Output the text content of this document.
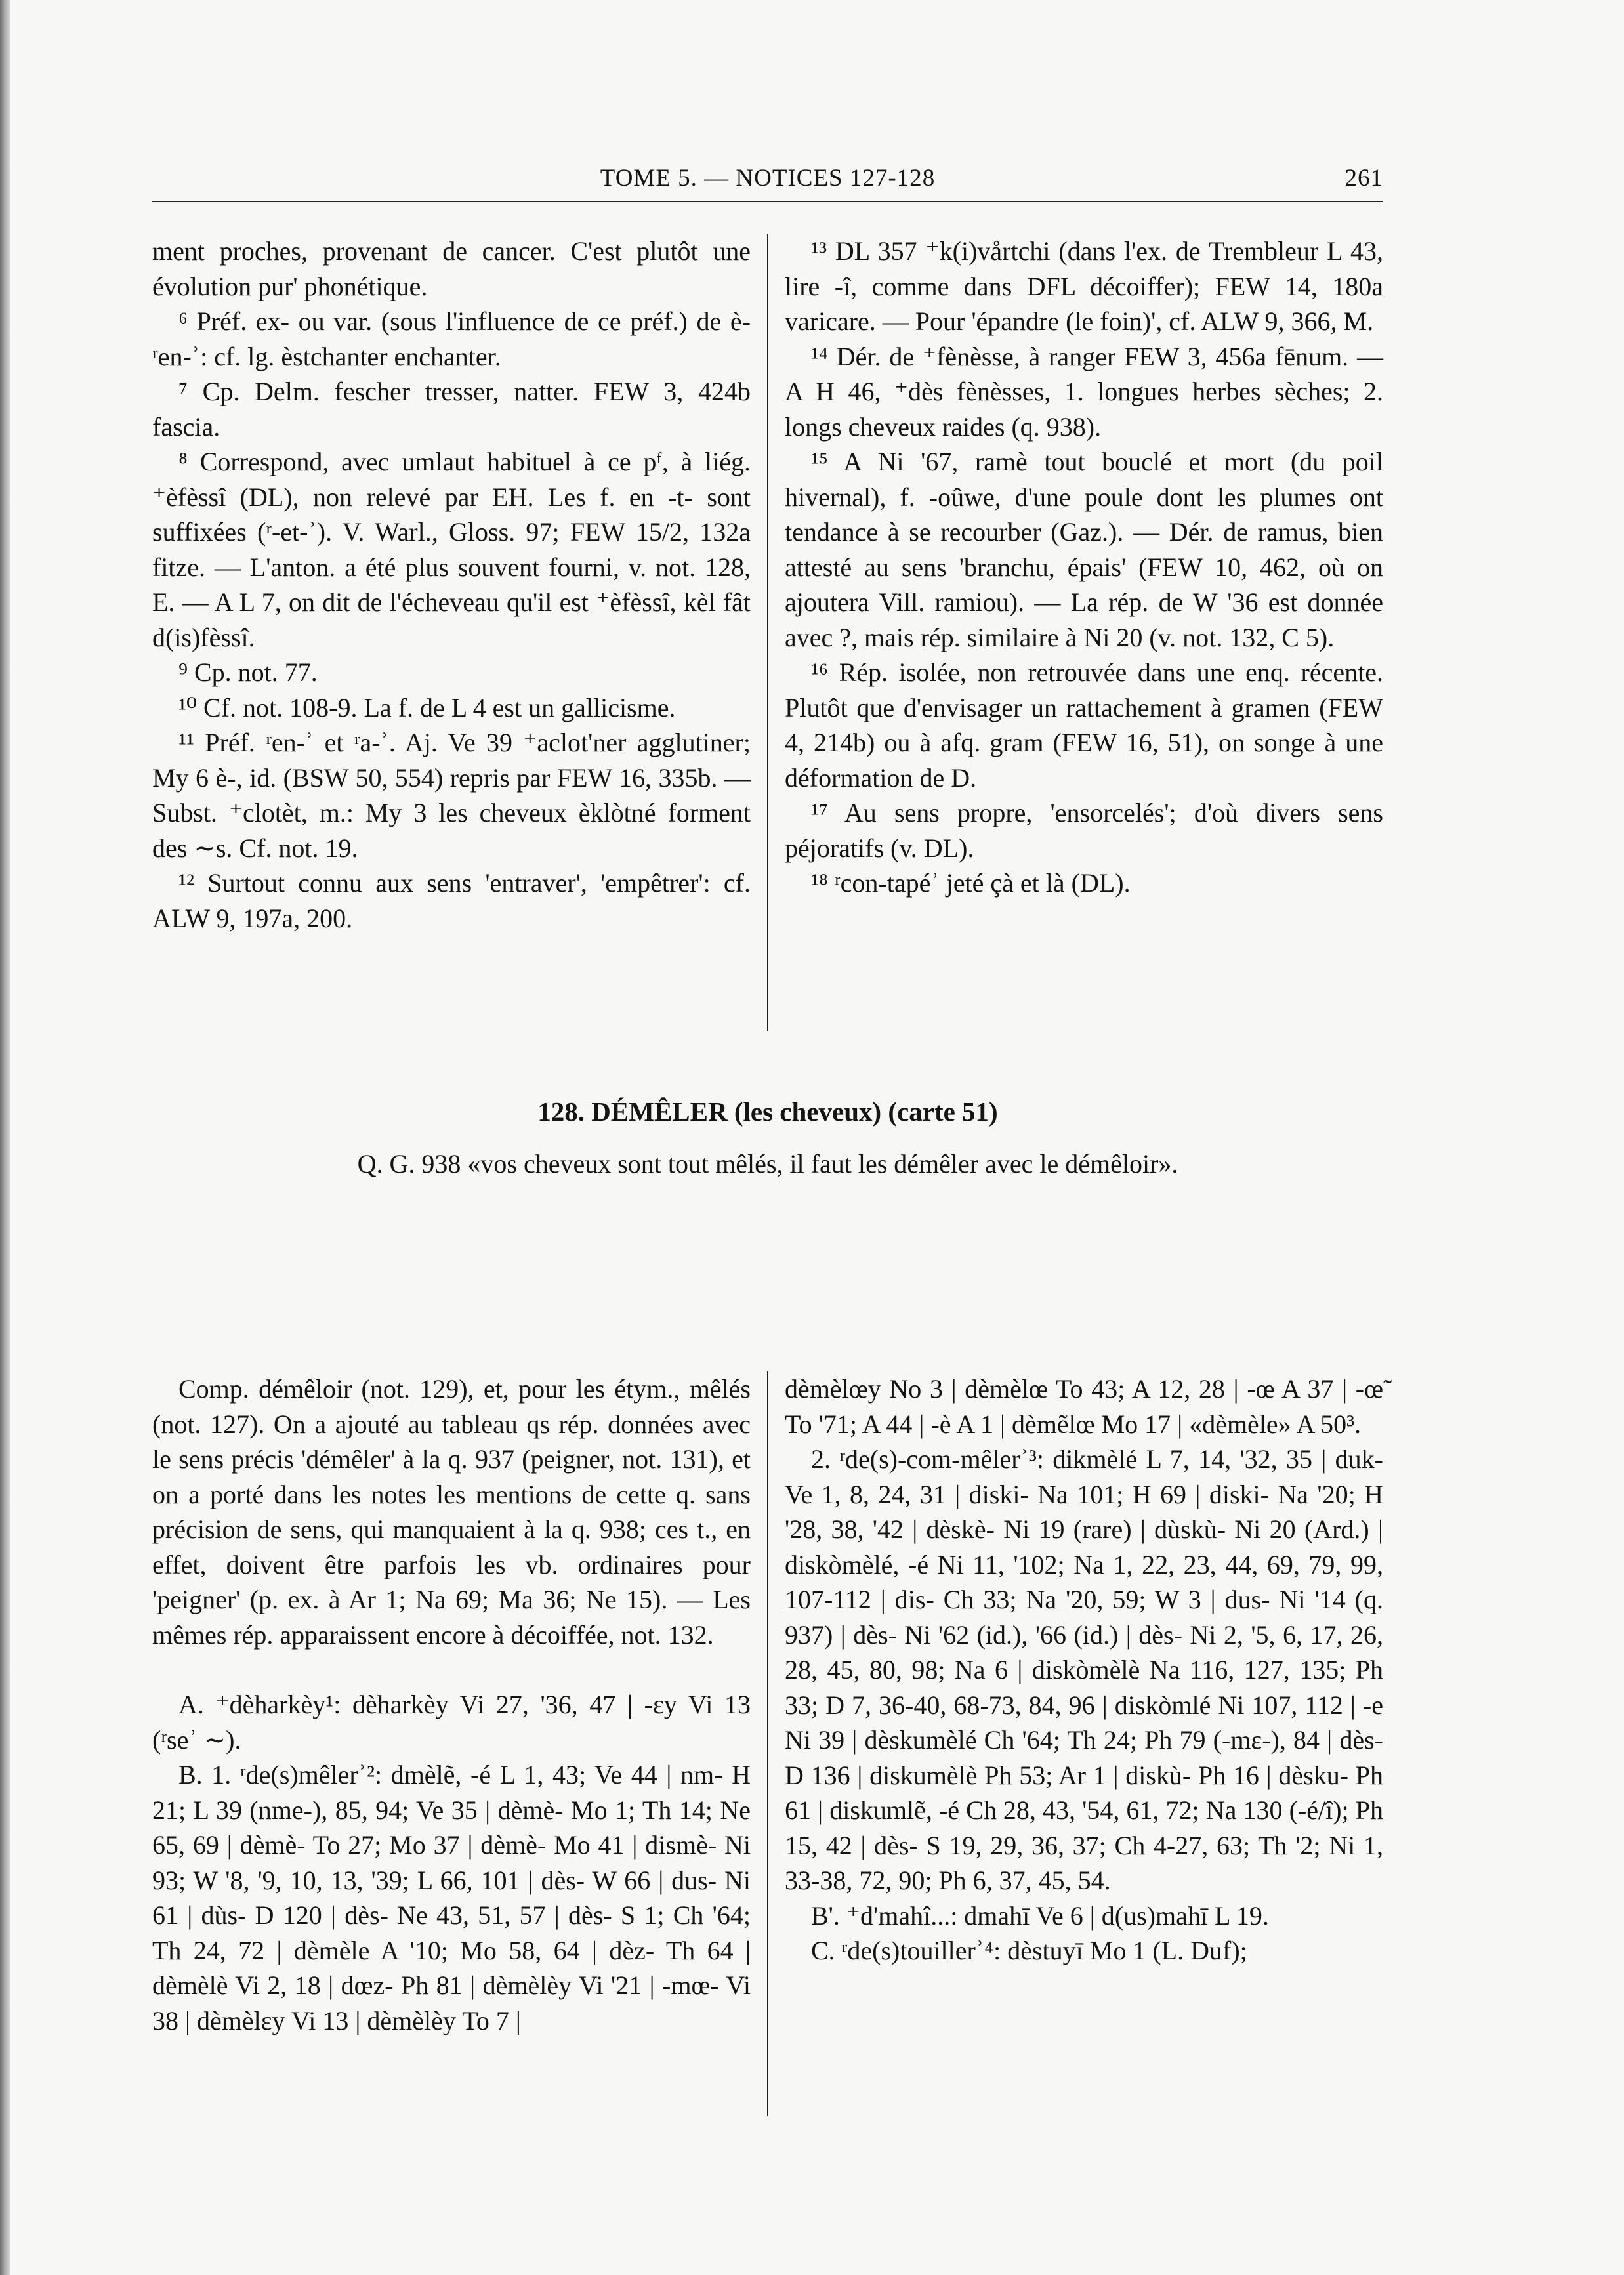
TOME 5. — NOTICES 127-128	261

ment proches, provenant de cancer. C'est plutôt une évolution pur' phonétique.

⁶ Préf. ex- ou var. (sous l'influence de ce préf.) de è- ʳen-ʾ: cf. lg. èstchanter enchanter.

⁷ Cp. Delm. fescher tresser, natter. FEW 3, 424b fascia.

⁸ Correspond, avec umlaut habituel à ce pᶠ, à liég. ⁺èfèssî (DL), non relevé par EH. Les f. en -t- sont suffixées (ʳ-et-ʾ). V. Warl., Gloss. 97; FEW 15/2, 132a fitze. — L'anton. a été plus souvent fourni, v. not. 128, E. — A L 7, on dit de l'écheveau qu'il est ⁺èfèssî, kèl fât d(is)fèssî.

⁹ Cp. not. 77.

¹⁰ Cf. not. 108-9. La f. de L 4 est un gallicisme.

¹¹ Préf. ʳen-ʾ et ʳa-ʾ. Aj. Ve 39 ⁺aclot'ner agglutiner; My 6 è-, id. (BSW 50, 554) repris par FEW 16, 335b. — Subst. ⁺clotèt, m.: My 3 les cheveux èklòtné forment des ∼s. Cf. not. 19.

¹² Surtout connu aux sens 'entraver', 'empêtrer': cf. ALW 9, 197a, 200.

¹³ DL 357 ⁺k(i)vårtchi (dans l'ex. de Trembleur L 43, lire -î, comme dans DFL décoiffer); FEW 14, 180a varicare. — Pour 'épandre (le foin)', cf. ALW 9, 366, M.

¹⁴ Dér. de ⁺fènèsse, à ranger FEW 3, 456a fēnum. — A H 46, ⁺dès fènèsses, 1. longues herbes sèches; 2. longs cheveux raides (q. 938).

¹⁵ A Ni '67, ramè tout bouclé et mort (du poil hivernal), f. -oûwe, d'une poule dont les plumes ont tendance à se recourber (Gaz.). — Dér. de ramus, bien attesté au sens 'branchu, épais' (FEW 10, 462, où on ajoutera Vill. ramiou). — La rép. de W '36 est donnée avec ?, mais rép. similaire à Ni 20 (v. not. 132, C 5).

¹⁶ Rép. isolée, non retrouvée dans une enq. récente. Plutôt que d'envisager un rattachement à gramen (FEW 4, 214b) ou à afq. gram (FEW 16, 51), on songe à une déformation de D.

¹⁷ Au sens propre, 'ensorcelés'; d'où divers sens péjoratifs (v. DL).

¹⁸ ʳcon-tapéʾ jeté çà et là (DL).

128. DÉMÊLER (les cheveux) (carte 51)
Q. G. 938 «vos cheveux sont tout mêlés, il faut les démêler avec le démêloir».

Comp. démêloir (not. 129), et, pour les étym., mêlés (not. 127). On a ajouté au tableau qs rép. données avec le sens précis 'démêler' à la q. 937 (peigner, not. 131), et on a porté dans les notes les mentions de cette q. sans précision de sens, qui manquaient à la q. 938; ces t., en effet, doivent être parfois les vb. ordinaires pour 'peigner' (p. ex. à Ar 1; Na 69; Ma 36; Ne 15). — Les mêmes rép. apparaissent encore à décoiffée, not. 132.

A. ⁺dèharkèy¹: dèharkèy Vi 27, '36, 47 | -ɛy Vi 13 (ʳseʾ ∼).

B. 1. ʳde(s)mêlerʾ²: dmèlẽ, -é L 1, 43; Ve 44 | nm- H 21; L 39 (nme-), 85, 94; Ve 35 | dèmè- Mo 1; Th 14; Ne 65, 69 | dèmè- To 27; Mo 37 | dèmè- Mo 41 | dismè- Ni 93; W '8, '9, 10, 13, '39; L 66, 101 | dès- W 66 | dus- Ni 61 | dùs- D 120 | dès- Ne 43, 51, 57 | dès- S 1; Ch '64; Th 24, 72 | dèmèle A '10; Mo 58, 64 | dèz- Th 64 | dèmèlè Vi 2, 18 | dœz- Ph 81 | dèmèlèy Vi '21 | -mœ- Vi 38 | dèmèlɛy Vi 13 | dèmèlèy To 7 |

dèmèlœy No 3 | dèmèlœ To 43; A 12, 28 | -œ A 37 | -œ̃ To '71; A 44 | -è A 1 | dèmẽlœ Mo 17 | «dèmèle» A 50³.

2. ʳde(s)-com-mêlerʾ³: dikmèlé L 7, 14, '32, 35 | duk- Ve 1, 8, 24, 31 | diski- Na 101; H 69 | diski- Na '20; H '28, 38, '42 | dèskè- Ni 19 (rare) | dùskù- Ni 20 (Ard.) | diskòmèlé, -é Ni 11, '102; Na 1, 22, 23, 44, 69, 79, 99, 107-112 | dis- Ch 33; Na '20, 59; W 3 | dus- Ni '14 (q. 937) | dès- Ni '62 (id.), '66 (id.) | dès- Ni 2, '5, 6, 17, 26, 28, 45, 80, 98; Na 6 | diskòmèlè Na 116, 127, 135; Ph 33; D 7, 36-40, 68-73, 84, 96 | diskòmlé Ni 107, 112 | -e Ni 39 | dèskumèlé Ch '64; Th 24; Ph 79 (-mɛ-), 84 | dès- D 136 | diskumèlè Ph 53; Ar 1 | diskù- Ph 16 | dèsku- Ph 61 | diskumlẽ, -é Ch 28, 43, '54, 61, 72; Na 130 (-é/î); Ph 15, 42 | dès- S 19, 29, 36, 37; Ch 4-27, 63; Th '2; Ni 1, 33-38, 72, 90; Ph 6, 37, 45, 54.

B'. ⁺d'mahî...: dmahī Ve 6 | d(us)mahī L 19.

C. ʳde(s)touillerʾ⁴: dèstuyī Mo 1 (L. Duf);
